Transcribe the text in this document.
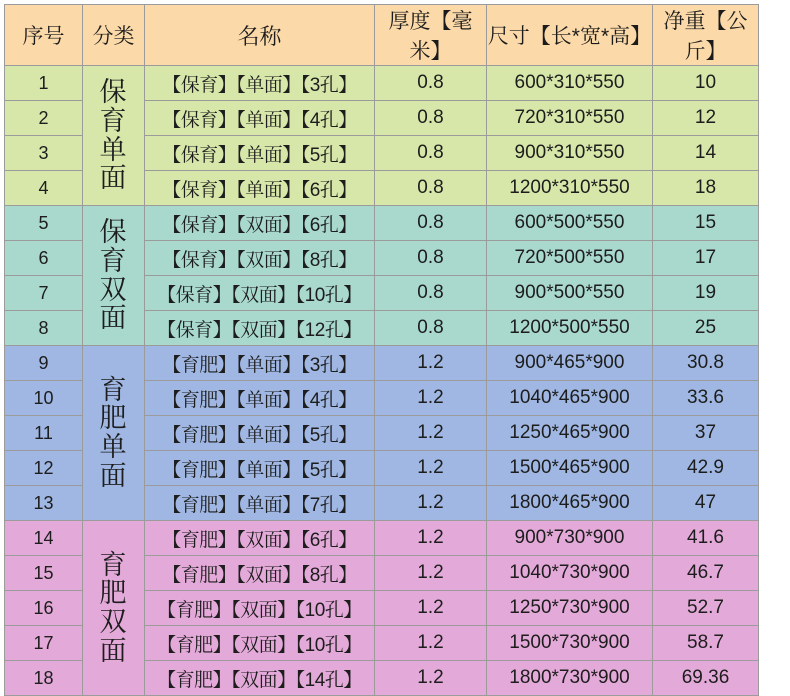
序号	分类	名称	厚度【毫米】	尺寸【长*宽*高】	净重【公斤】
1	保育单面	【保育】【单面】【3孔】	0.8	600*310*550	10
2		【保育】【单面】【4孔】	0.8	720*310*550	12
3		【保育】【单面】【5孔】	0.8	900*310*550	14
4		【保育】【单面】【6孔】	0.8	1200*310*550	18
5	保育双面	【保育】【双面】【6孔】	0.8	600*500*550	15
6		【保育】【双面】【8孔】	0.8	720*500*550	17
7		【保育】【双面】【10孔】	0.8	900*500*550	19
8		【保育】【双面】【12孔】	0.8	1200*500*550	25
9	育肥单面	【育肥】【单面】【3孔】	1.2	900*465*900	30.8
10		【育肥】【单面】【4孔】	1.2	1040*465*900	33.6
11		【育肥】【单面】【5孔】	1.2	1250*465*900	37
12		【育肥】【单面】【5孔】	1.2	1500*465*900	42.9
13		【育肥】【单面】【7孔】	1.2	1800*465*900	47
14	育肥双面	【育肥】【双面】【6孔】	1.2	900*730*900	41.6
15		【育肥】【双面】【8孔】	1.2	1040*730*900	46.7
16		【育肥】【双面】【10孔】	1.2	1250*730*900	52.7
17		【育肥】【双面】【10孔】	1.2	1500*730*900	58.7
18		【育肥】【双面】【14孔】	1.2	1800*730*900	69.36
